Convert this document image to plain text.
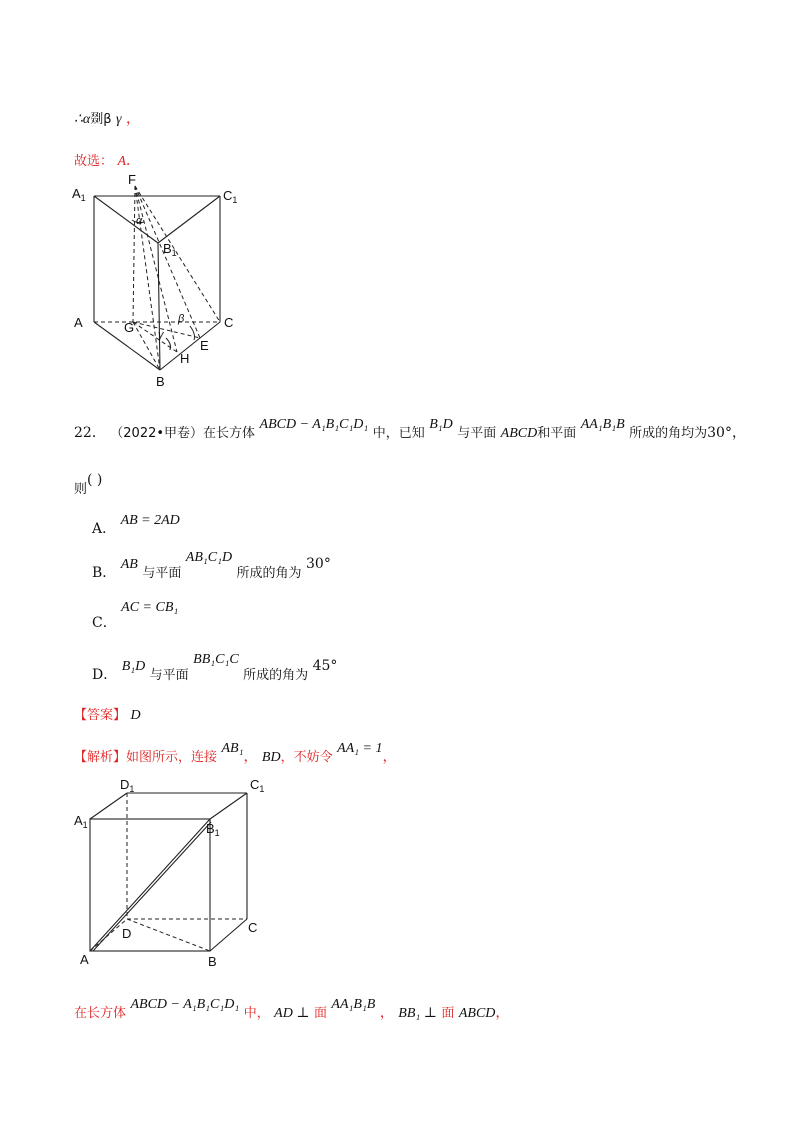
∴α剟β γ ，
故选： A．
$A_1$
F
$C_1$
α
$B_1$
A	G
β	C
γ
E
H
B
22． （2022•甲卷）在长方体 ABCD − A₁B₁C₁D₁ 中，已知 B₁D 与平面 ABCD和平面 AA₁B₁B 所成的角均为30°，
则( )
A． AB = 2AD
B． AB 与平面 AB₁C₁D 所成的角为 30°
C． AC = CB₁
D． B₁D 与平面 BB₁C₁C 所成的角为 45°
【答案】 D
【解析】如图所示，连接 AB₁， BD，不妨令 AA₁ = 1，
$D_1$	$C_1$
$A_1$	$B_1$
D	C
A	B
在长方体 ABCD − A₁B₁C₁D₁ 中， AD ⊥ 面 AA₁B₁B ， BB₁ ⊥ 面 ABCD，
